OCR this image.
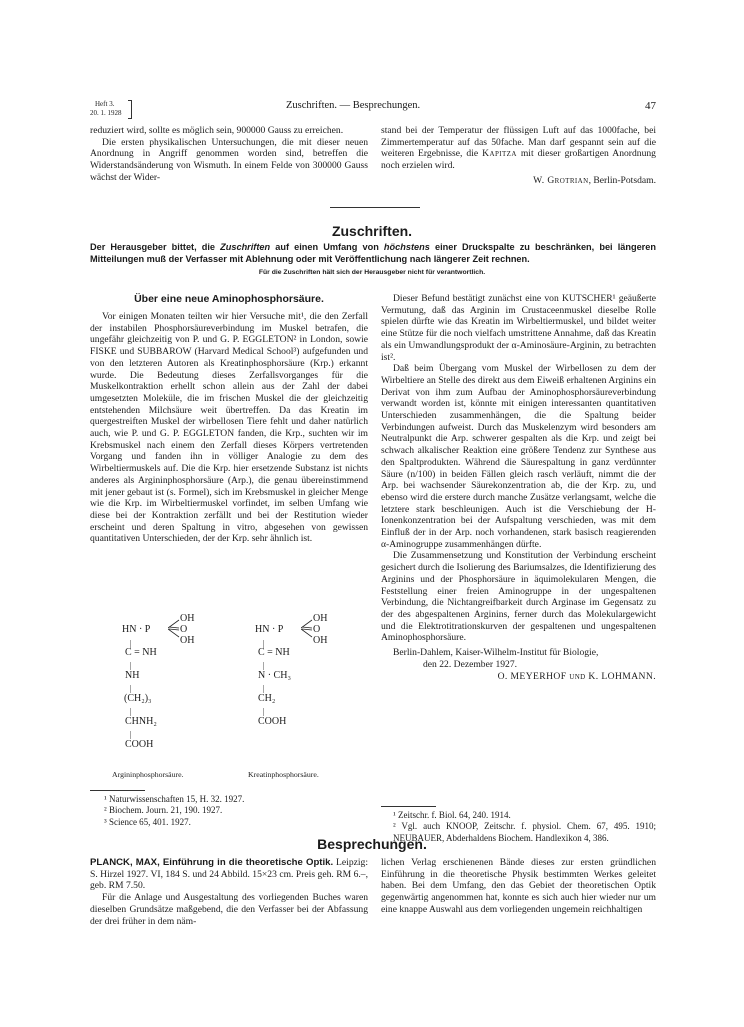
Heft 3.
20. 1. 1928
Zuschriften. — Besprechungen.	47

reduziert wird, sollte es möglich sein, 900000 Gauss zu erreichen.

Die ersten physikalischen Untersuchungen, die mit dieser neuen Anordnung in Angriff genommen worden sind, betreffen die Widerstandsänderung von Wismuth. In einem Felde von 300000 Gauss wächst der Wider-

stand bei der Temperatur der flüssigen Luft auf das 1000fache, bei Zimmertemperatur auf das 50fache. Man darf gespannt sein auf die weiteren Ergebnisse, die Kapitza mit dieser großartigen Anordnung noch erzielen wird.

W. Grotrian, Berlin-Potsdam.

Zuschriften.
Der Herausgeber bittet, die Zuschriften auf einen Umfang von höchstens einer Druckspalte zu beschränken, bei längeren Mitteilungen muß der Verfasser mit Ablehnung oder mit Veröffentlichung nach längerer Zeit rechnen.
Für die Zuschriften hält sich der Herausgeber nicht für verantwortlich.
Über eine neue Aminophosphorsäure.

Vor einigen Monaten teilten wir hier Versuche mit¹, die den Zerfall der instabilen Phosphorsäureverbindung im Muskel betrafen, die ungefähr gleichzeitig von P. und G. P. EGGLETON² in London, sowie FISKE und SUBBAROW (Harvard Medical School³) aufgefunden und von den letzteren Autoren als Kreatinphosphorsäure (Krp.) erkannt wurde. Die Bedeutung dieses Zerfallsvorganges für die Muskelkontraktion erhellt schon allein aus der Zahl der dabei umgesetzten Moleküle, die im frischen Muskel die der gleichzeitig entstehenden Milchsäure weit übertreffen. Da das Kreatin im quergestreiften Muskel der wirbellosen Tiere fehlt und daher natürlich auch, wie P. und G. P. EGGLETON fanden, die Krp., suchten wir im Krebsmuskel nach einem den Zerfall dieses Körpers vertretenden Vorgang und fanden ihn in völliger Analogie zu dem des Wirbeltiermuskels auf. Die die Krp. hier ersetzende Substanz ist nichts anderes als Argininphosphorsäure (Arp.), die genau übereinstimmend mit jener gebaut ist (s. Formel), sich im Krebsmuskel in gleicher Menge wie die Krp. im Wirbeltiermuskel vorfindet, im selben Umfang wie diese bei der Kontraktion zerfällt und bei der Restitution wieder erscheint und deren Spaltung in vitro, abgesehen von gewissen quantitativen Unterschieden, der der Krp. sehr ähnlich ist.

OH
HN · P	O
OH
|
C = NH
|
NH
|
(CH₂)₃
|
CHNH₂
|
COOH
Argininphosphorsäure.
OH
HN · P	O
OH
|
C = NH
|
N · CH₃
|
CH₂
|
COOH
Kreatinphosphorsäure.

¹ Naturwissenschaften 15, H. 32. 1927.

² Biochem. Journ. 21, 190. 1927.

³ Science 65, 401. 1927.

Dieser Befund bestätigt zunächst eine von KUTSCHER¹ geäußerte Vermutung, daß das Arginin im Crustaceenmuskel dieselbe Rolle spielen dürfte wie das Kreatin im Wirbeltiermuskel, und bildet weiter eine Stütze für die noch vielfach umstrittene Annahme, daß das Kreatin als ein Umwandlungsprodukt der α-Aminosäure-Arginin, zu betrachten ist².

Daß beim Übergang vom Muskel der Wirbellosen zu dem der Wirbeltiere an Stelle des direkt aus dem Eiweiß erhaltenen Arginins ein Derivat von ihm zum Aufbau der Aminophosphorsäureverbindung verwandt worden ist, könnte mit einigen interessanten quantitativen Unterschieden zusammenhängen, die die Spaltung beider Verbindungen aufweist. Durch das Muskelenzym wird besonders am Neutralpunkt die Arp. schwerer gespalten als die Krp. und zeigt bei schwach alkalischer Reaktion eine größere Tendenz zur Synthese aus den Spaltprodukten. Während die Säurespaltung in ganz verdünnter Säure (n/100) in beiden Fällen gleich rasch verläuft, nimmt die der Arp. bei wachsender Säurekonzentration ab, die der Krp. zu, und ebenso wird die erstere durch manche Zusätze verlangsamt, welche die letztere stark beschleunigen. Auch ist die Verschiebung der H-Ionenkonzentration bei der Aufspaltung verschieden, was mit dem Einfluß der in der Arp. noch vorhandenen, stark basisch reagierenden α-Aminogruppe zusammenhängen dürfte.

Die Zusammensetzung und Konstitution der Verbindung erscheint gesichert durch die Isolierung des Bariumsalzes, die Identifizierung des Arginins und der Phosphorsäure in äquimolekularen Mengen, die Feststellung einer freien Aminogruppe in der ungespaltenen Verbindung, die Nichtangreifbarkeit durch Arginase im Gegensatz zu der des abgespaltenen Arginins, ferner durch das Molekulargewicht und die Elektrotitrationskurven der gespaltenen und ungespaltenen Aminophosphorsäure.

Berlin-Dahlem, Kaiser-Wilhelm-Institut für Biologie,

den 22. Dezember 1927.

O. MEYERHOF und K. LOHMANN.

¹ Zeitschr. f. Biol. 64, 240. 1914.

² Vgl. auch KNOOP, Zeitschr. f. physiol. Chem. 67, 495. 1910; NEUBAUER, Abderhaldens Biochem. Handlexikon 4, 386.

Besprechungen.

PLANCK, MAX, Einführung in die theoretische Optik. Leipzig: S. Hirzel 1927. VI, 184 S. und 24 Abbild. 15×23 cm. Preis geh. RM 6.–, geb. RM 7.50.

Für die Anlage und Ausgestaltung des vorliegenden Buches waren dieselben Grundsätze maßgebend, die den Verfasser bei der Abfassung der drei früher in dem näm-

lichen Verlag erschienenen Bände dieses zur ersten gründlichen Einführung in die theoretische Physik bestimmten Werkes geleitet haben. Bei dem Umfang, den das Gebiet der theoretischen Optik gegenwärtig angenommen hat, konnte es sich auch hier wieder nur um eine knappe Auswahl aus dem vorliegenden ungemein reichhaltigen
